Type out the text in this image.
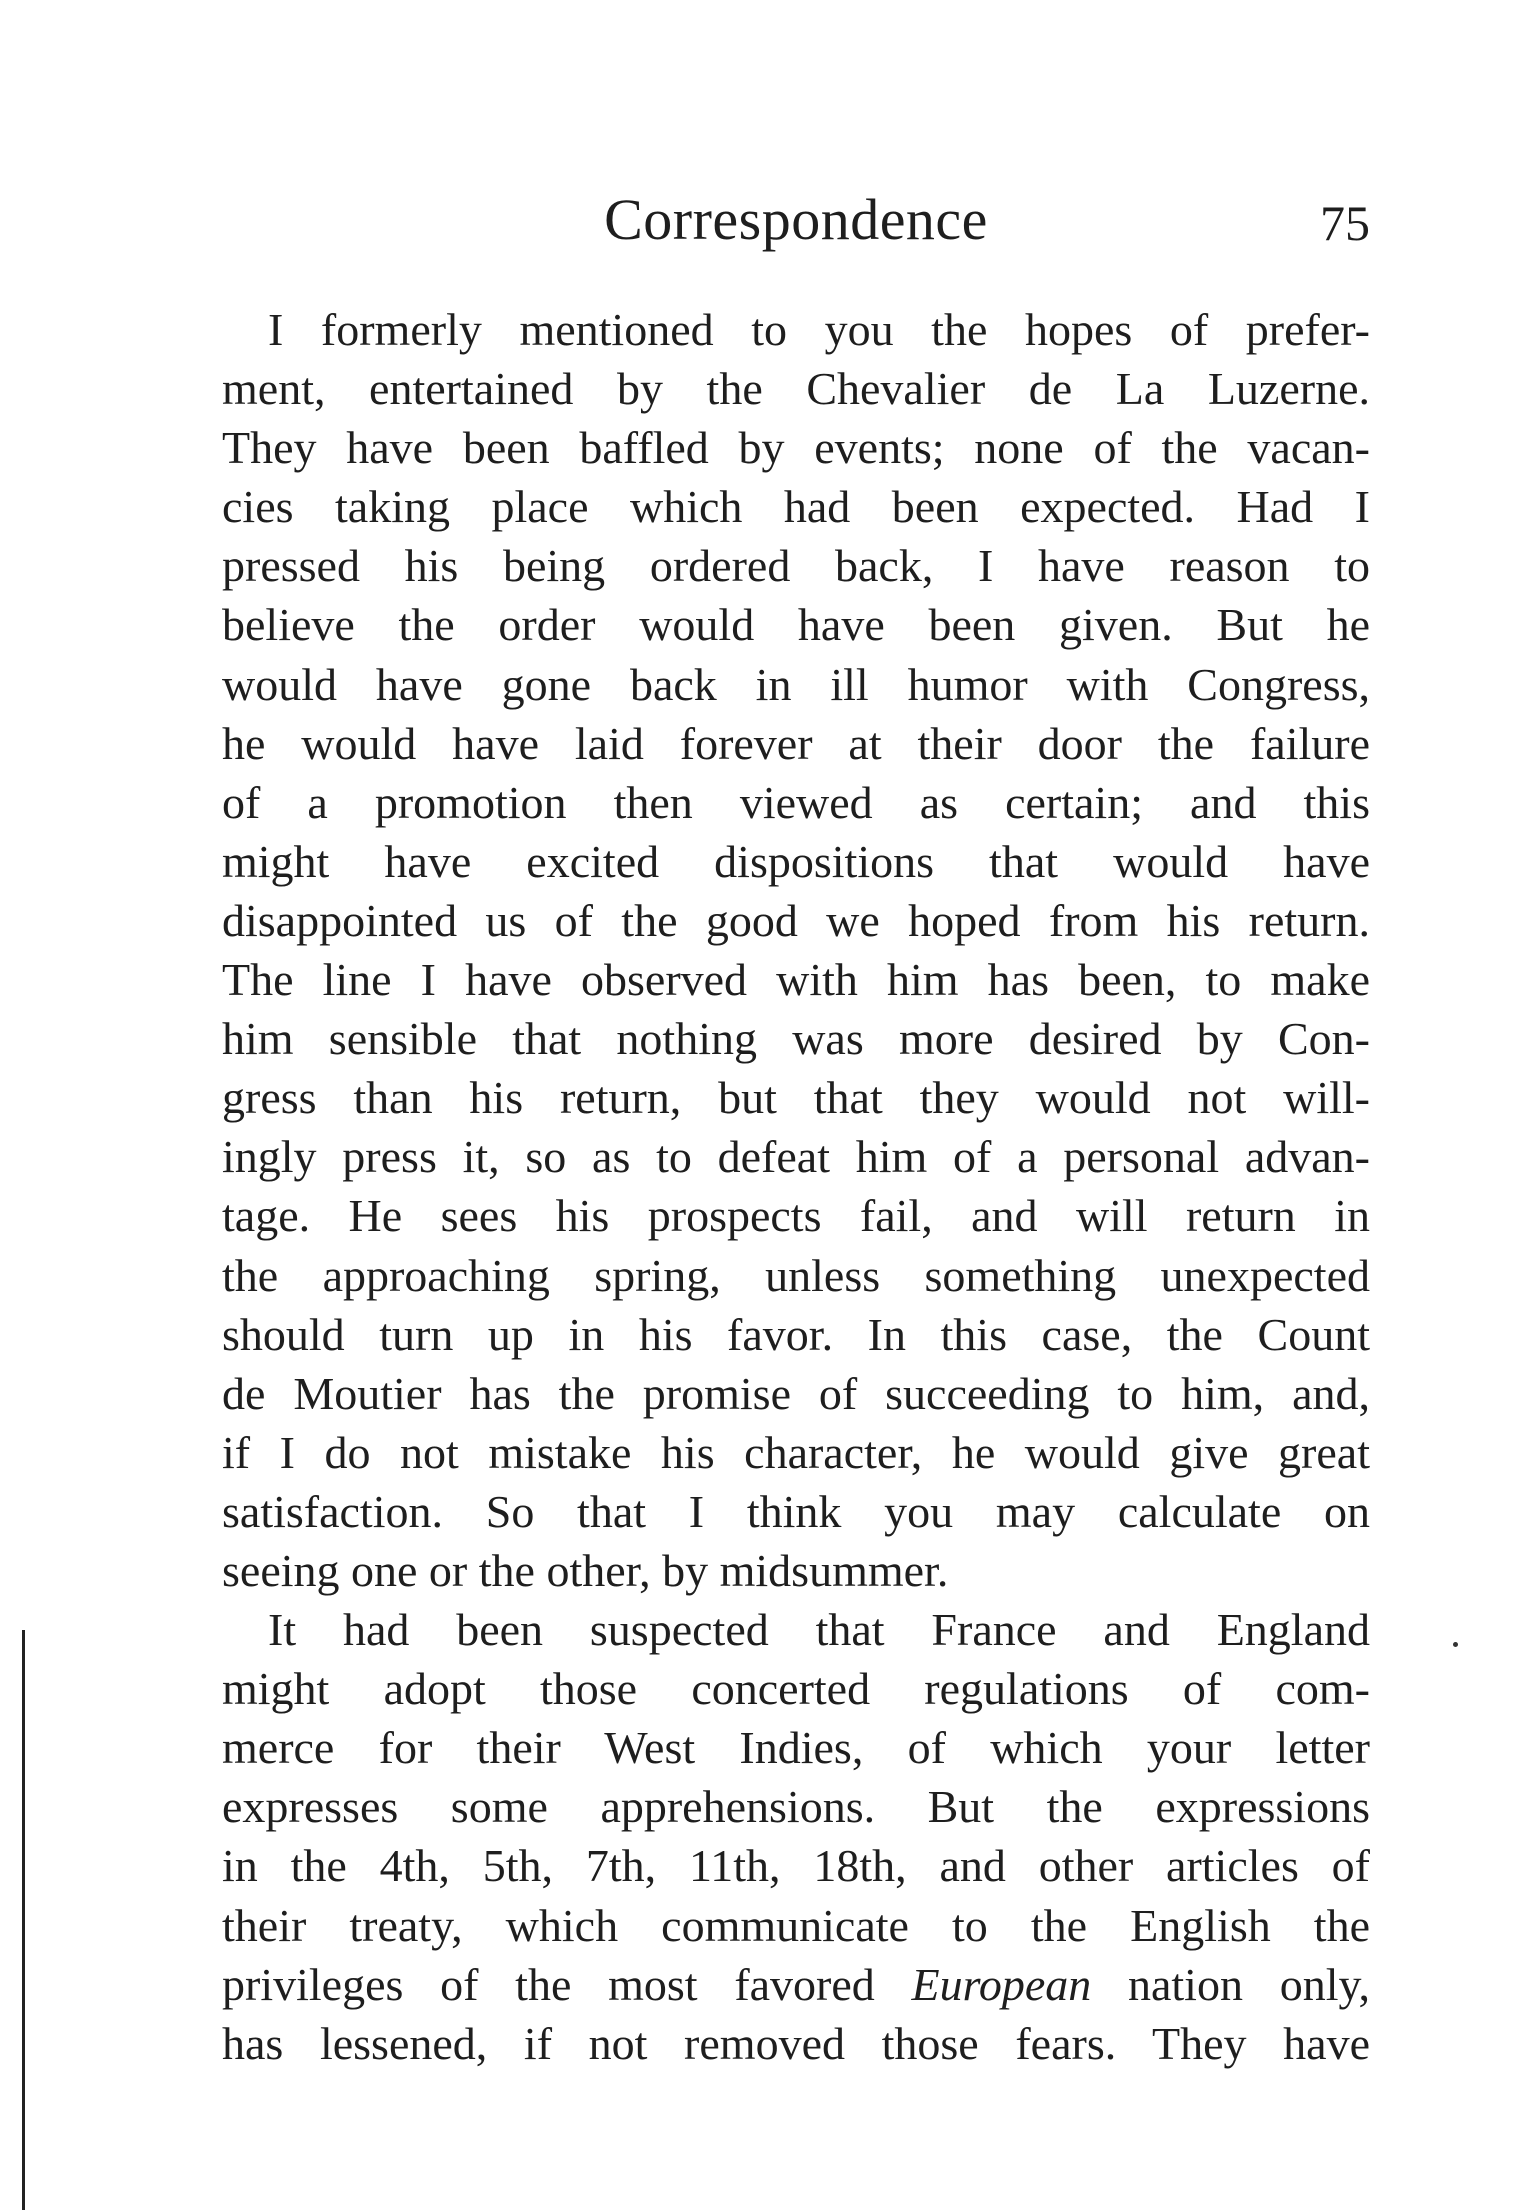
Correspondence	75
I formerly mentioned to you the hopes of prefer-
ment, entertained by the Chevalier de La Luzerne.
They have been baffled by events; none of the vacan-
cies taking place which had been expected. Had I
pressed his being ordered back, I have reason to
believe the order would have been given. But he
would have gone back in ill humor with Congress,
he would have laid forever at their door the failure
of a promotion then viewed as certain; and this
might have excited dispositions that would have
disappointed us of the good we hoped from his return.
The line I have observed with him has been, to make
him sensible that nothing was more desired by Con-
gress than his return, but that they would not will-
ingly press it, so as to defeat him of a personal advan-
tage. He sees his prospects fail, and will return in
the approaching spring, unless something unexpected
should turn up in his favor. In this case, the Count
de Moutier has the promise of succeeding to him, and,
if I do not mistake his character, he would give great
satisfaction. So that I think you may calculate on
seeing one or the other, by midsummer.
It had been suspected that France and England
might adopt those concerted regulations of com-
merce for their West Indies, of which your letter
expresses some apprehensions. But the expressions
in the 4th, 5th, 7th, 11th, 18th, and other articles of
their treaty, which communicate to the English the
privileges of the most favored European nation only,
has lessened, if not removed those fears. They have
